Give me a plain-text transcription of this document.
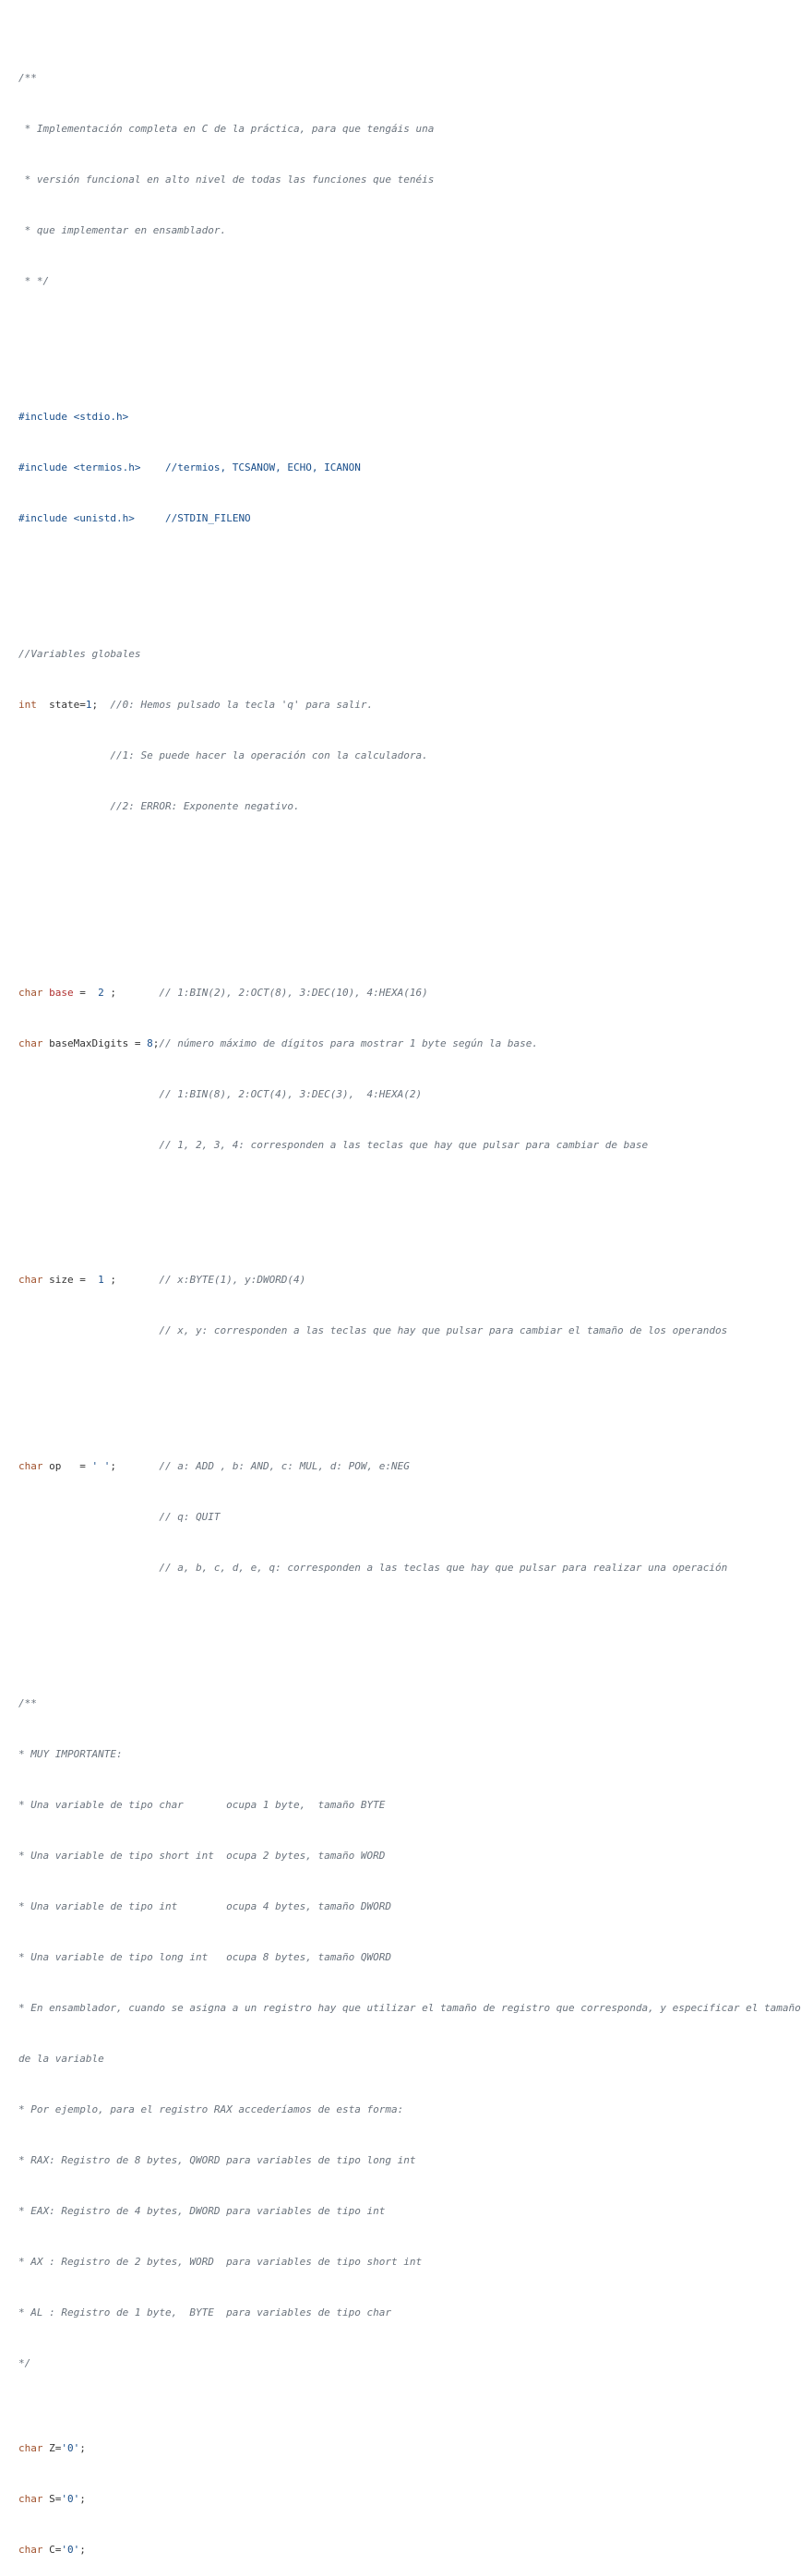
/**

* Implementación completa en C de la práctica, para que tengáis una

* versión funcional en alto nivel de todas las funciones que tenéis

* que implementar en ensamblador.

* */

#include <stdio.h>

#include <termios.h> //termios, TCSANOW, ECHO, ICANON

#include <unistd.h>	//STDIN_FILENO

//Variables globales

int state=1;  //0: Hemos pulsado la tecla 'q' para salir.

//1: Se puede hacer la operación con la calculadora.

//2: ERROR: Exponente negativo.

char base =  2 ;       // 1:BIN(2), 2:OCT(8), 3:DEC(10), 4:HEXA(16)

char baseMaxDigits = 8;// número máximo de dígitos para mostrar 1 byte según la base.

// 1:BIN(8), 2:OCT(4), 3:DEC(3),  4:HEXA(2)

// 1, 2, 3, 4: corresponden a las teclas que hay que pulsar para cambiar de base

char size =  1 ;       // x:BYTE(1), y:DWORD(4)

// x, y: corresponden a las teclas que hay que pulsar para cambiar el tamaño de los operandos

char op   = ' ';       // a: ADD , b: AND, c: MUL, d: POW, e:NEG

// q: QUIT

// a, b, c, d, e, q: corresponden a las teclas que hay que pulsar para realizar una operación

/**

* MUY IMPORTANTE:

* Una variable de tipo char       ocupa 1 byte,  tamaño BYTE

* Una variable de tipo short int  ocupa 2 bytes, tamaño WORD

* Una variable de tipo int        ocupa 4 bytes, tamaño DWORD

* Una variable de tipo long int   ocupa 8 bytes, tamaño QWORD

* En ensamblador, cuando se asigna a un registro hay que utilizar el tamaño de registro que corresponda, y especificar el tamaño

de la variable

* Por ejemplo, para el registro RAX accederíamos de esta forma:

* RAX: Registro de 8 bytes, QWORD para variables de tipo long int

* EAX: Registro de 4 bytes, DWORD para variables de tipo int

* AX : Registro de 2 bytes, WORD  para variables de tipo short int

* AL : Registro de 1 byte,  BYTE  para variables de tipo char

*/

char Z='0';

char S='0';

char C='0';
